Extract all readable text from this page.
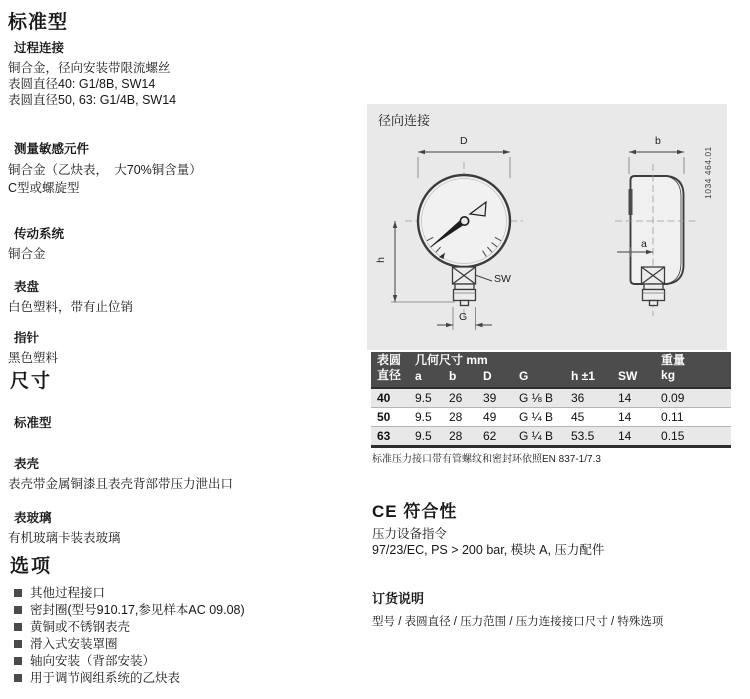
标准型

过程连接

铜合金，径向安装带限流螺丝

表圆直径40: G1/8B, SW14

表圆直径50, 63: G1/4B, SW14

测量敏感元件

铜合金（乙炔表，　大70%铜含量）

C型或螺旋型

传动系统

铜合金

表盘

白色塑料，带有止位销

指针

黑色塑料

尺寸

标准型

表壳

表壳带金属铜漆且表壳背部带压力泄出口

表玻璃

有机玻璃卡装表玻璃

选项
其他过程接口
密封圈(型号910.17,参见样本AC 09.08)
黄铜或不锈钢表壳
滑入式安装罩圈
轴向安装（背部安装）
用于调节阀组系统的乙炔表
径向连接
D	b
h
a
G
SW
1034 464.01
表圆
直径	几何尺寸 mm						重量
kg
	a	b	D	G	h ±1	SW	
40	9.5	26	39	G ⅛ B	36	14	0.09
50	9.5	28	49	G ¼ B	45	14	0.11
63	9.5	28	62	G ¼ B	53.5	14	0.15
标准压力接口带有管螺纹和密封环依照EN 837-1/7.3

CE 符合性

压力设备指令

97/23/EC, PS > 200 bar, 模块 A, 压力配件

订货说明

型号 / 表圆直径 / 压力范围 / 压力连接接口尺寸 / 特殊选项
